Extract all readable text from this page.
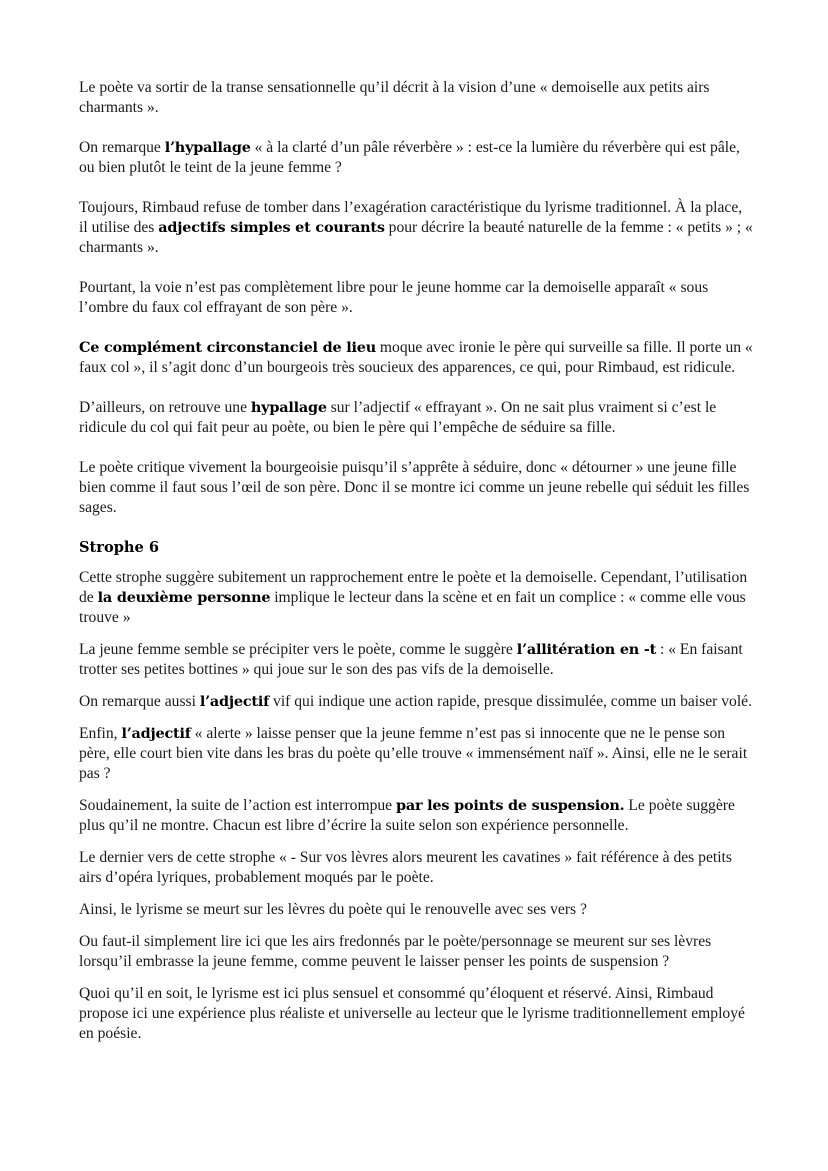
Le poète va sortir de la transe sensationnelle qu’il décrit à la vision d’une « demoiselle aux petits airs charmants ».

On remarque l’hypallage « à la clarté d’un pâle réverbère » : est-ce la lumière du réverbère qui est pâle, ou bien plutôt le teint de la jeune femme ?

Toujours, Rimbaud refuse de tomber dans l’exagération caractéristique du lyrisme traditionnel. À la place, il utilise des adjectifs simples et courants pour décrire la beauté naturelle de la femme : « petits » ; « charmants ».

Pourtant, la voie n’est pas complètement libre pour le jeune homme car la demoiselle apparaît « sous l’ombre du faux col effrayant de son père ».

Ce complément circonstanciel de lieu moque avec ironie le père qui surveille sa fille. Il porte un « faux col », il s’agit donc d’un bourgeois très soucieux des apparences, ce qui, pour Rimbaud, est ridicule.

D’ailleurs, on retrouve une hypallage sur l’adjectif « effrayant ». On ne sait plus vraiment si c’est le ridicule du col qui fait peur au poète, ou bien le père qui l’empêche de séduire sa fille.

Le poète critique vivement la bourgeoisie puisqu’il s’apprête à séduire, donc « détourner » une jeune fille bien comme il faut sous l’œil de son père. Donc il se montre ici comme un jeune rebelle qui séduit les filles sages.

Strophe 6

Cette strophe suggère subitement un rapprochement entre le poète et la demoiselle. Cependant, l’utilisation de la deuxième personne implique le lecteur dans la scène et en fait un complice : « comme elle vous trouve »

La jeune femme semble se précipiter vers le poète, comme le suggère l’allitération en -t : « En faisant trotter ses petites bottines » qui joue sur le son des pas vifs de la demoiselle.

On remarque aussi l’adjectif vif qui indique une action rapide, presque dissimulée, comme un baiser volé.

Enfin, l’adjectif « alerte » laisse penser que la jeune femme n’est pas si innocente que ne le pense son père, elle court bien vite dans les bras du poète qu’elle trouve « immensément naïf ». Ainsi, elle ne le serait pas ?

Soudainement, la suite de l’action est interrompue par les points de suspension. Le poète suggère plus qu’il ne montre. Chacun est libre d’écrire la suite selon son expérience personnelle.

Le dernier vers de cette strophe « - Sur vos lèvres alors meurent les cavatines » fait référence à des petits airs d’opéra lyriques, probablement moqués par le poète.

Ainsi, le lyrisme se meurt sur les lèvres du poète qui le renouvelle avec ses vers ?

Ou faut-il simplement lire ici que les airs fredonnés par le poète/personnage se meurent sur ses lèvres lorsqu’il embrasse la jeune femme, comme peuvent le laisser penser les points de suspension ?

Quoi qu’il en soit, le lyrisme est ici plus sensuel et consommé qu’éloquent et réservé. Ainsi, Rimbaud propose ici une expérience plus réaliste et universelle au lecteur que le lyrisme traditionnellement employé en poésie.
